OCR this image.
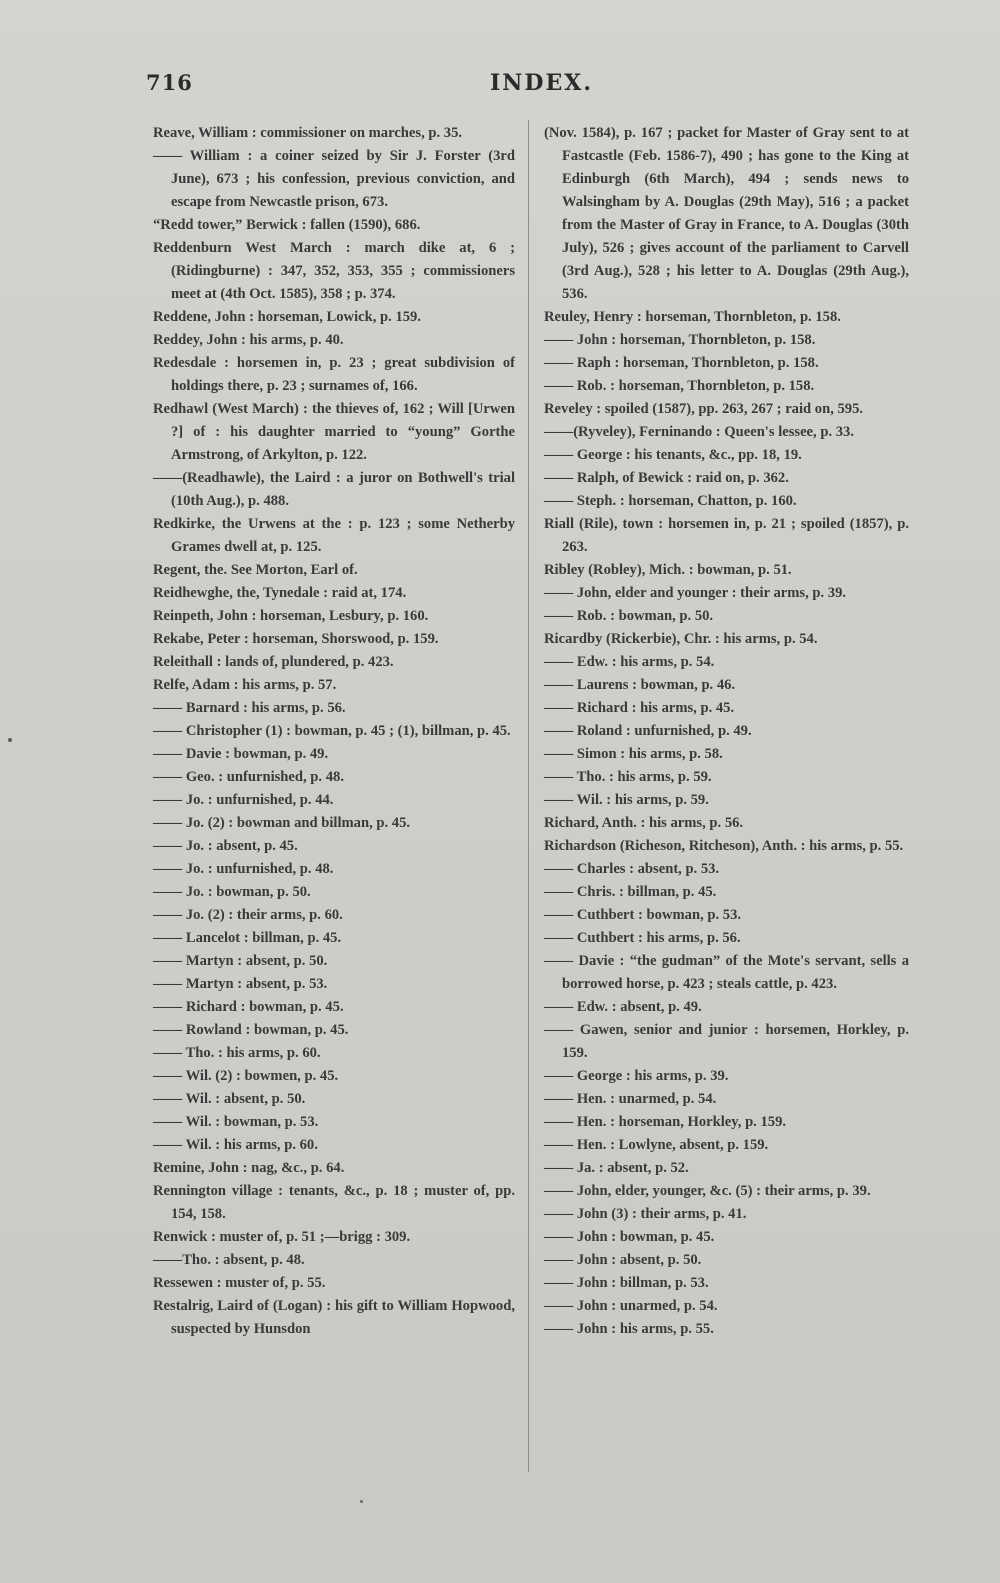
716	INDEX.

Reave, William : commissioner on marches, p. 35.

—— William : a coiner seized by Sir J. Forster (3rd June), 673 ; his confession, previous conviction, and escape from Newcastle prison, 673.

“Redd tower,” Berwick : fallen (1590), 686.

Reddenburn West March : march dike at, 6 ; (Ridingburne) : 347, 352, 353, 355 ; commissioners meet at (4th Oct. 1585), 358 ; p. 374.

Reddene, John : horseman, Lowick, p. 159.

Reddey, John : his arms, p. 40.

Redesdale : horsemen in, p. 23 ; great subdivision of holdings there, p. 23 ; surnames of, 166.

Redhawl (West March) : the thieves of, 162 ; Will [Urwen ?] of : his daughter married to “young” Gorthe Armstrong, of Arkylton, p. 122.

——(Readhawle), the Laird : a juror on Bothwell's trial (10th Aug.), p. 488.

Redkirke, the Urwens at the : p. 123 ; some Netherby Grames dwell at, p. 125.

Regent, the. See Morton, Earl of.

Reidhewghe, the, Tynedale : raid at, 174.

Reinpeth, John : horseman, Lesbury, p. 160.

Rekabe, Peter : horseman, Shorswood, p. 159.

Releithall : lands of, plundered, p. 423.

Relfe, Adam : his arms, p. 57.

—— Barnard : his arms, p. 56.

—— Christopher (1) : bowman, p. 45 ; (1), billman, p. 45.

—— Davie : bowman, p. 49.

—— Geo. : unfurnished, p. 48.

—— Jo. : unfurnished, p. 44.

—— Jo. (2) : bowman and billman, p. 45.

—— Jo. : absent, p. 45.

—— Jo. : unfurnished, p. 48.

—— Jo. : bowman, p. 50.

—— Jo. (2) : their arms, p. 60.

—— Lancelot : billman, p. 45.

—— Martyn : absent, p. 50.

—— Martyn : absent, p. 53.

—— Richard : bowman, p. 45.

—— Rowland : bowman, p. 45.

—— Tho. : his arms, p. 60.

—— Wil. (2) : bowmen, p. 45.

—— Wil. : absent, p. 50.

—— Wil. : bowman, p. 53.

—— Wil. : his arms, p. 60.

Remine, John : nag, &c., p. 64.

Rennington village : tenants, &c., p. 18 ; muster of, pp. 154, 158.

Renwick : muster of, p. 51 ;—brigg : 309.

——Tho. : absent, p. 48.

Ressewen : muster of, p. 55.

Restalrig, Laird of (Logan) : his gift to William Hopwood, suspected by Hunsdon

(Nov. 1584), p. 167 ; packet for Master of Gray sent to at Fastcastle (Feb. 1586-7), 490 ; has gone to the King at Edinburgh (6th March), 494 ; sends news to Walsingham by A. Douglas (29th May), 516 ; a packet from the Master of Gray in France, to A. Douglas (30th July), 526 ; gives account of the parliament to Carvell (3rd Aug.), 528 ; his letter to A. Douglas (29th Aug.), 536.

Reuley, Henry : horseman, Thornbleton, p. 158.

—— John : horseman, Thornbleton, p. 158.

—— Raph : horseman, Thornbleton, p. 158.

—— Rob. : horseman, Thornbleton, p. 158.

Reveley : spoiled (1587), pp. 263, 267 ; raid on, 595.

——(Ryveley), Ferninando : Queen's lessee, p. 33.

—— George : his tenants, &c., pp. 18, 19.

—— Ralph, of Bewick : raid on, p. 362.

—— Steph. : horseman, Chatton, p. 160.

Riall (Rile), town : horsemen in, p. 21 ; spoiled (1857), p. 263.

Ribley (Robley), Mich. : bowman, p. 51.

—— John, elder and younger : their arms, p. 39.

—— Rob. : bowman, p. 50.

Ricardby (Rickerbie), Chr. : his arms, p. 54.

—— Edw. : his arms, p. 54.

—— Laurens : bowman, p. 46.

—— Richard : his arms, p. 45.

—— Roland : unfurnished, p. 49.

—— Simon : his arms, p. 58.

—— Tho. : his arms, p. 59.

—— Wil. : his arms, p. 59.

Richard, Anth. : his arms, p. 56.

Richardson (Richeson, Ritcheson), Anth. : his arms, p. 55.

—— Charles : absent, p. 53.

—— Chris. : billman, p. 45.

—— Cuthbert : bowman, p. 53.

—— Cuthbert : his arms, p. 56.

—— Davie : “the gudman” of the Mote's servant, sells a borrowed horse, p. 423 ; steals cattle, p. 423.

—— Edw. : absent, p. 49.

—— Gawen, senior and junior : horsemen, Horkley, p. 159.

—— George : his arms, p. 39.

—— Hen. : unarmed, p. 54.

—— Hen. : horseman, Horkley, p. 159.

—— Hen. : Lowlyne, absent, p. 159.

—— Ja. : absent, p. 52.

—— John, elder, younger, &c. (5) : their arms, p. 39.

—— John (3) : their arms, p. 41.

—— John : bowman, p. 45.

—— John : absent, p. 50.

—— John : billman, p. 53.

—— John : unarmed, p. 54.

—— John : his arms, p. 55.
